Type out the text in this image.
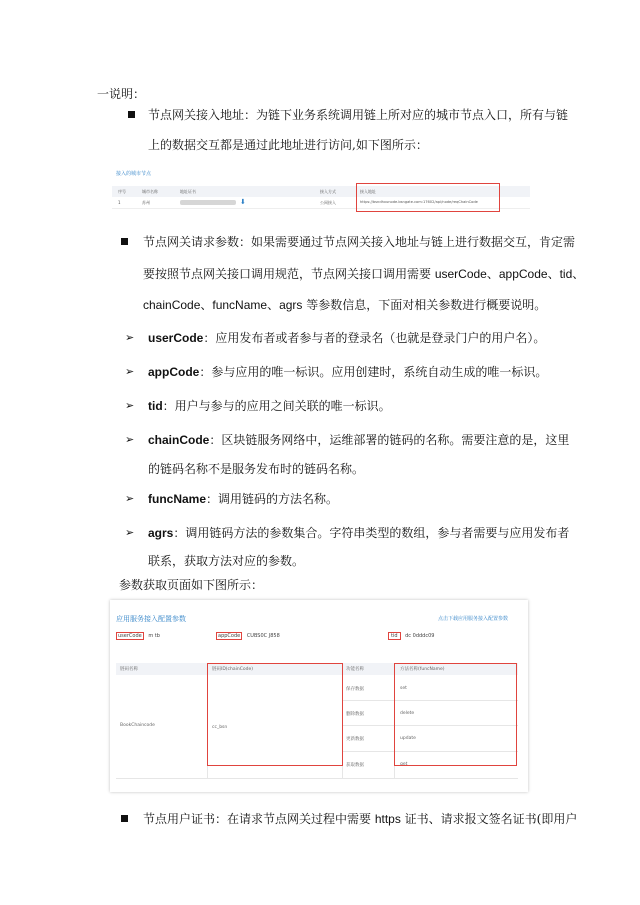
一说明：
节点网关接入地址：为链下业务系统调用链上所对应的城市节点入口，所有与链
上的数据交互都是通过此地址进行访问,如下图所示：
接入的城市节点
序号	城市名称	地址证书	接入方式	接入地址
1	苏州	⬇	公网接入	https://bsndhxunode.bsngate.com:17602/api/node/reqChainCode
节点网关请求参数：如果需要通过节点网关接入地址与链上进行数据交互，肯定需
要按照节点网关接口调用规范，节点网关接口调用需要 userCode、appCode、tid、
chainCode、funcName、agrs 等参数信息，下面对相关参数进行概要说明。
➢ userCode：应用发布者或者参与者的登录名（也就是登录门户的用户名）。
➢ appCode：参与应用的唯一标识。应用创建时，系统自动生成的唯一标识。
➢ tid：用户与参与的应用之间关联的唯一标识。
➢ chainCode：区块链服务网络中，运维部署的链码的名称。需要注意的是，这里
的链码名称不是服务发布时的链码名称。
➢ funcName：调用链码的方法名称。
➢ agrs：调用链码方法的参数集合。字符串类型的数组，参与者需要与应用发布者
联系，获取方法对应的参数。
参数获取页面如下图所示：
应用服务接入配置参数	点击下载应用服务接入配置参数
userCode m tb	appCode CUBS0C J858	tid dc 0dddc09
链码名称	链码ID(chainCode)	功能名称	方法名称(funcName)
BookChaincode	cc_bsn
保存数据	set
删除数据	delete
更新数据	update
获取数据	get
节点用户证书：在请求节点网关过程中需要 https 证书、请求报文签名证书(即用户
